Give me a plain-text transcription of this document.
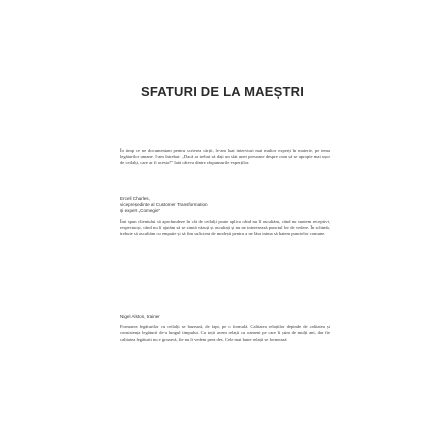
SFATURI DE LA MAEȘTRI

În timp ce ne documentam pentru scrierea cărții, le-am luat interviuri mai multor experți în materie, pe tema legăturilor umane. I-am întrebat: „Dacă ar trebui să dați un sfat unei persoane despre cum să se apropie mai ușor de ceilalți, care ar fi acesta?” Iată câteva dintre răspunsurile experților.

Ercell Charles,

vicepreședinte al Customer Transformation

și expert „Comegie”

Îmi spun clientului să aprofundeze în cât de ceilalți poate aplica când nu îl ascultăm, când nu suntem receptivi, respectuoși, când nu îi ajutăm să se simtă văzuți și ascultați și nu ne interesează punctul lor de vedere. În schimb, trebuie să ascultăm cu empatie și să fim suficient de modești pentru a ne lăsa inima să batem punctelor comune.

Nigel Alston, trainer

Formarea legăturilor cu ceilalți se bazează, de fapt, pe o formulă. Calitatea relațiilor depinde de calitatea și consistența legăturii de-a lungul timpului. Cu toții avem relații cu oameni pe care îi știm de mulți ani, dar fie calitatea legăturii nu e grozavă, fie nu îi vedem prea des. Cele mai bune relații se formează
